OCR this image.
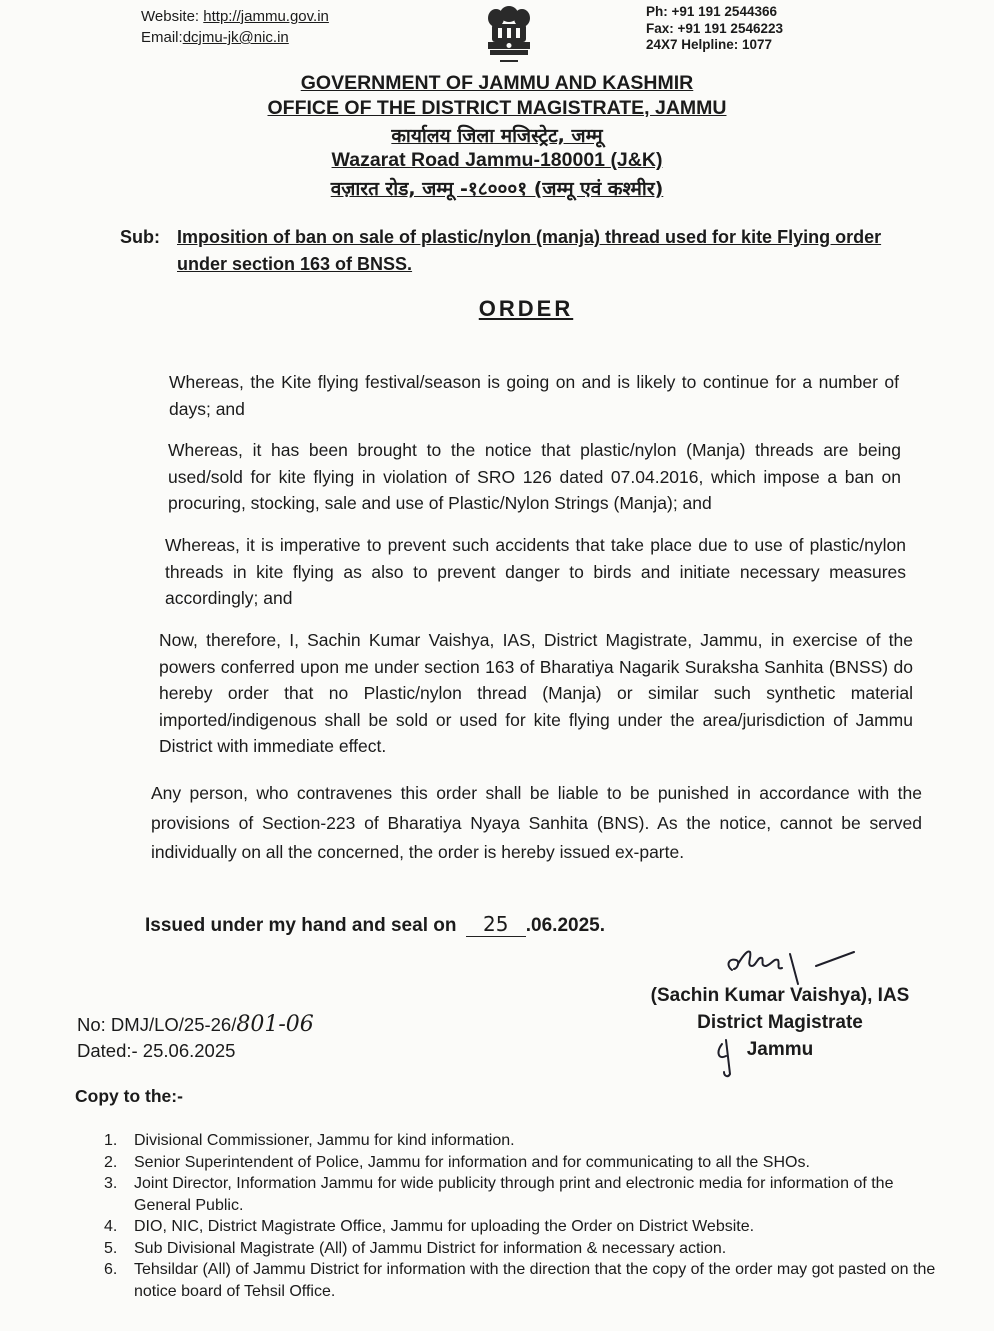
Website: http://jammu.gov.in
Email:dcjmu-jk@nic.in
Ph: +91 191 2544366
Fax: +91 191 2546223
24X7 Helpline: 1077
GOVERNMENT OF JAMMU AND KASHMIR
OFFICE OF THE DISTRICT MAGISTRATE, JAMMU
कार्यालय जिला मजिस्ट्रेट, जम्मू
Wazarat Road Jammu-180001 (J&K)
वज़ारत रोड, जम्मू -१८०००१ (जम्मू एवं कश्मीर)
Sub: Imposition of ban on sale of plastic/nylon (manja) thread used for kite Flying order under section 163 of BNSS.
ORDER
Whereas, the Kite flying festival/season is going on and is likely to continue for a number of days; and
Whereas, it has been brought to the notice that plastic/nylon (Manja) threads are being used/sold for kite flying in violation of SRO 126 dated 07.04.2016, which impose a ban on procuring, stocking, sale and use of Plastic/Nylon Strings (Manja); and
Whereas, it is imperative to prevent such accidents that take place due to use of plastic/nylon threads in kite flying as also to prevent danger to birds and initiate necessary measures accordingly; and
Now, therefore, I, Sachin Kumar Vaishya, IAS, District Magistrate, Jammu, in exercise of the powers conferred upon me under section 163 of Bharatiya Nagarik Suraksha Sanhita (BNSS) do hereby order that no Plastic/nylon thread (Manja) or similar such synthetic material imported/indigenous shall be sold or used for kite flying under the area/jurisdiction of Jammu District with immediate effect.
Any person, who contravenes this order shall be liable to be punished in accordance with the provisions of Section-223 of Bharatiya Nyaya Sanhita (BNS). As the notice, cannot be served individually on all the concerned, the order is hereby issued ex-parte.
Issued under my hand and seal on 25 .06.2025.
(Sachin Kumar Vaishya), IAS
District Magistrate
Jammu
No: DMJ/LO/25-26/801-06
Dated:- 25.06.2025
Copy to the:-
1. Divisional Commissioner, Jammu for kind information.
2. Senior Superintendent of Police, Jammu for information and for communicating to all the SHOs.
3. Joint Director, Information Jammu for wide publicity through print and electronic media for information of the General Public.
4. DIO, NIC, District Magistrate Office, Jammu for uploading the Order on District Website.
5. Sub Divisional Magistrate (All) of Jammu District for information & necessary action.
6. Tehsildar (All) of Jammu District for information with the direction that the copy of the order may got pasted on the notice board of Tehsil Office.
